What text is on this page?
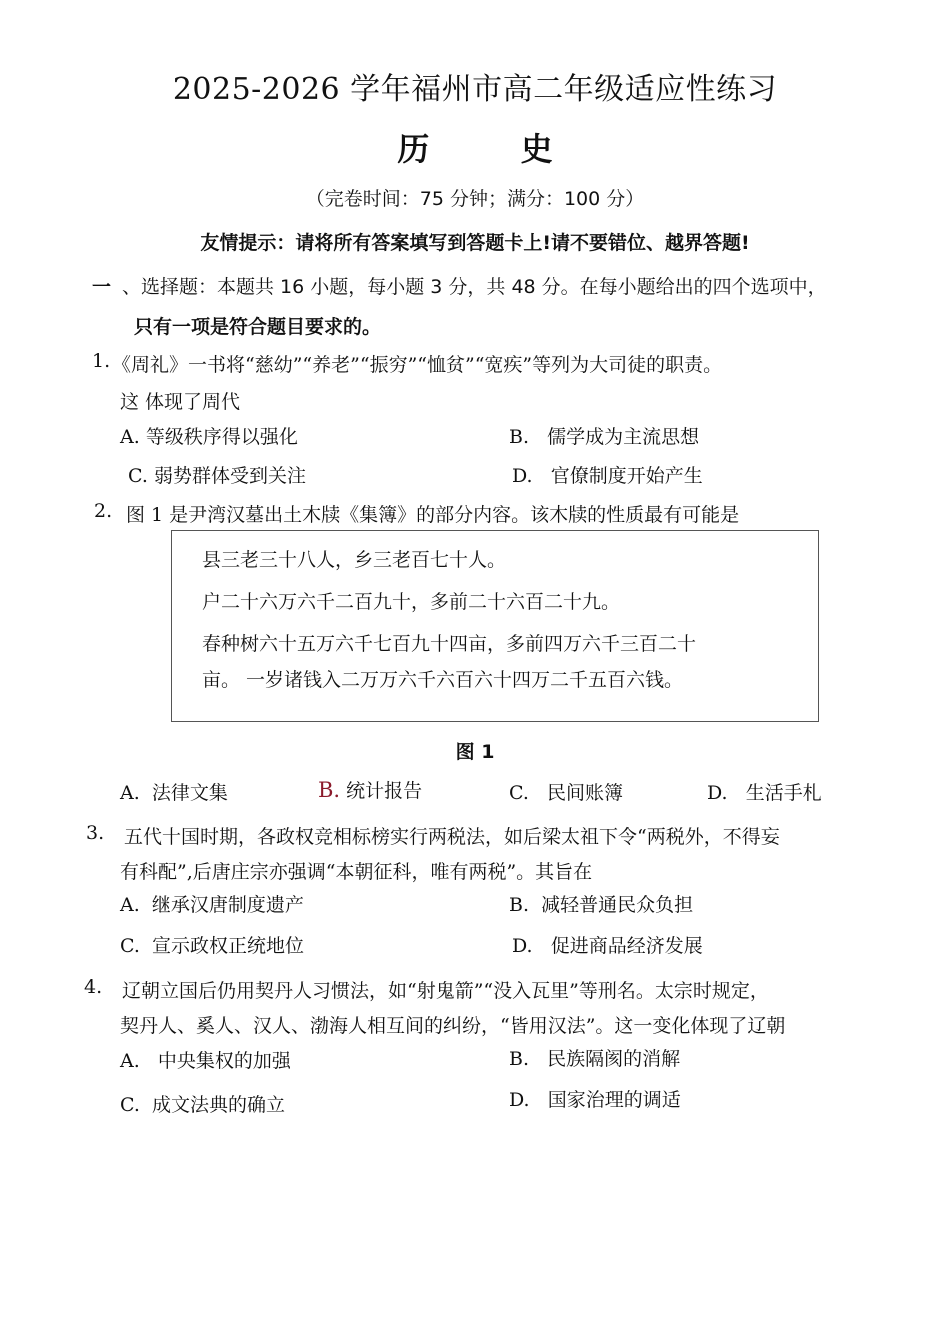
2025-2026 学年福州市高二年级适应性练习
历 史
（完卷时间：75 分钟；满分：100 分）
友情提示：请将所有答案填写到答题卡上!请不要错位、越界答题!
一 、选择题：本题共 16 小题，每小题 3 分，共 48 分。在每小题给出的四个选项中，
只有一项是符合题目要求的。
1. 《周礼》一书将“慈幼”“养老”“振穷”“恤贫”“宽疾”等列为大司徒的职责。
这 体现了周代
A. 等级秩序得以强化	B. 儒学成为主流思想
C. 弱势群体受到关注	D. 官僚制度开始产生
2. 图 1 是尹湾汉墓出土木牍《集簿》的部分内容。该木牍的性质最有可能是
县三老三十八人，乡三老百七十人。
户二十六万六千二百九十，多前二十六百二十九。
春种树六十五万六千七百九十四亩，多前四万六千三百二十
亩。 一岁诸钱入二万万六千六百六十四万二千五百六钱。
图 1
A. 法律文集	B. 统计报告	C. 民间账簿	D. 生活手札
3. 五代十国时期，各政权竞相标榜实行两税法，如后梁太祖下令“两税外，不得妄
有科配”,后唐庄宗亦强调“本朝征科，唯有两税”。其旨在
A. 继承汉唐制度遗产	B. 减轻普通民众负担
C. 宣示政权正统地位	D. 促进商品经济发展
4. 辽朝立国后仍用契丹人习惯法，如“射鬼箭”“没入瓦里”等刑名。太宗时规定，
契丹人、奚人、汉人、渤海人相互间的纠纷，“皆用汉法”。这一变化体现了辽朝
A. 中央集权的加强	B. 民族隔阂的消解
C. 成文法典的确立	D. 国家治理的调适
